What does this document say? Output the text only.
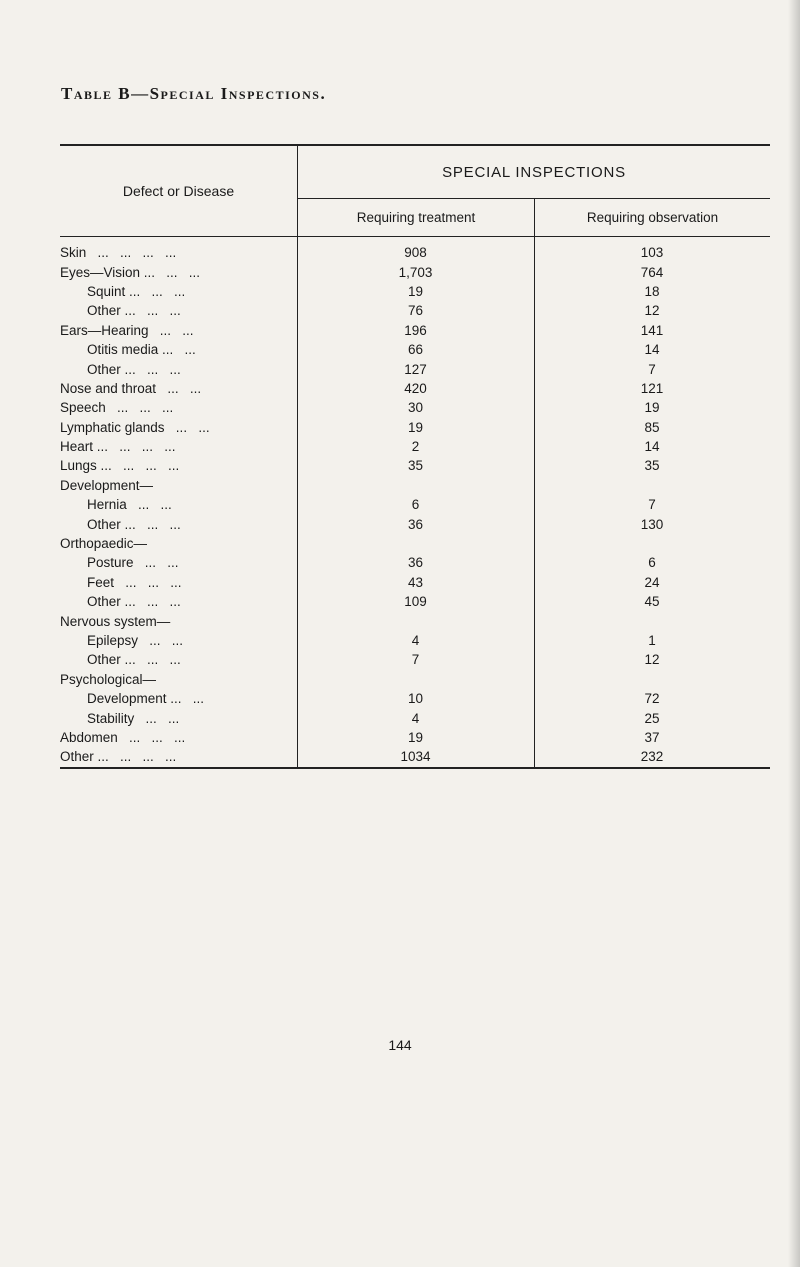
Table B—Special Inspections.
Defect or Disease
SPECIAL INSPECTIONS
Requiring treatment	Requiring observation
Skin   ...   ...   ...   ...	908	103
Eyes—Vision ...   ...   ...	1,703	764
Squint ...   ...   ...	19	18
Other ...   ...   ...	76	12
Ears—Hearing   ...   ...	196	141
Otitis media ...   ...	66	14
Other ...   ...   ...	127	7
Nose and throat   ...   ...	420	121
Speech   ...   ...   ...	30	19
Lymphatic glands   ...   ...	19	85
Heart ...   ...   ...   ...	2	14
Lungs ...   ...   ...   ...	35	35
Development—
Hernia   ...   ...	6	7
Other ...   ...   ...	36	130
Orthopaedic—
Posture   ...   ...	36	6
Feet   ...   ...   ...	43	24
Other ...   ...   ...	109	45
Nervous system—
Epilepsy   ...   ...	4	1
Other ...   ...   ...	7	12
Psychological—
Development ...   ...	10	72
Stability   ...   ...	4	25
Abdomen   ...   ...   ...	19	37
Other ...   ...   ...   ...	1034	232
144
